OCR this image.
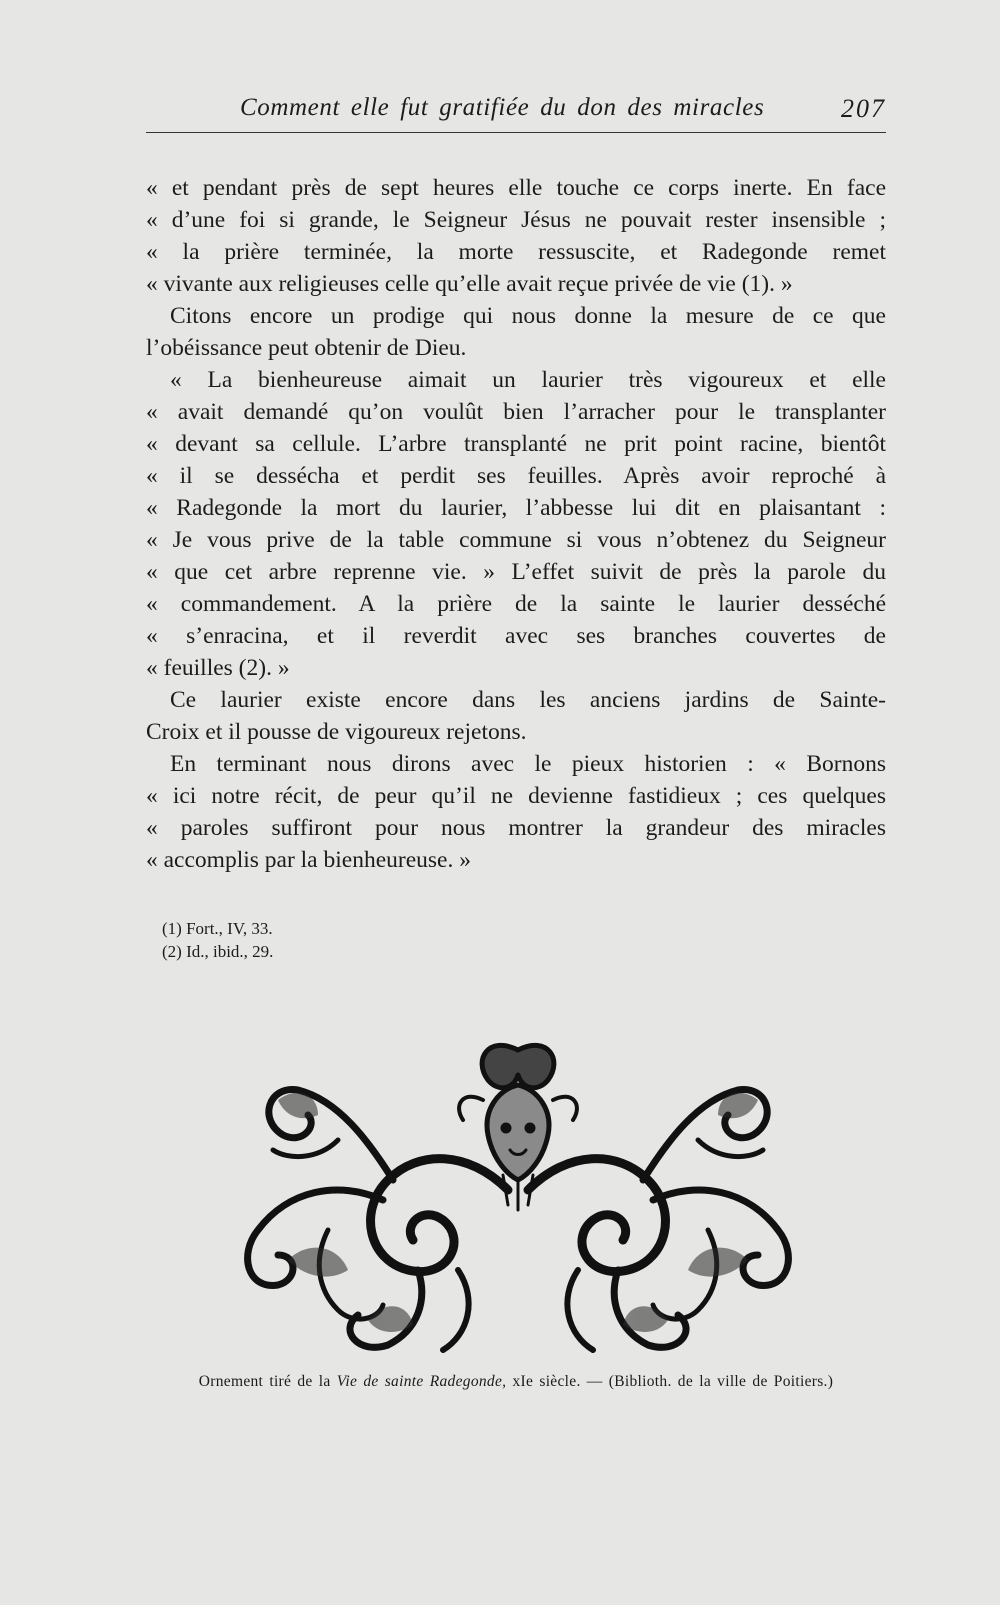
Comment elle fut gratifiée du don des miracles	207
« et pendant près de sept heures elle touche ce corps inerte. En face
« d’une foi si grande, le Seigneur Jésus ne pouvait rester insensible ;
« la prière terminée, la morte ressuscite, et Radegonde remet
« vivante aux religieuses celle qu’elle avait reçue privée de vie (1). »
Citons encore un prodige qui nous donne la mesure de ce que
l’obéissance peut obtenir de Dieu.
« La bienheureuse aimait un laurier très vigoureux et elle
« avait demandé qu’on voulût bien l’arracher pour le transplanter
« devant sa cellule. L’arbre transplanté ne prit point racine, bientôt
« il se dessécha et perdit ses feuilles. Après avoir reproché à
« Radegonde la mort du laurier, l’abbesse lui dit en plaisantant :
« Je vous prive de la table commune si vous n’obtenez du Seigneur
« que cet arbre reprenne vie. » L’effet suivit de près la parole du
« commandement. A la prière de la sainte le laurier desséché
« s’enracina, et il reverdit avec ses branches couvertes de
« feuilles (2). »
Ce laurier existe encore dans les anciens jardins de Sainte-
Croix et il pousse de vigoureux rejetons.
En terminant nous dirons avec le pieux historien : « Bornons
« ici notre récit, de peur qu’il ne devienne fastidieux ; ces quelques
« paroles suffiront pour nous montrer la grandeur des miracles
« accomplis par la bienheureuse. »
(1) Fort., IV, 33.
(2) Id., ibid., 29.
Ornement tiré de la Vie de sainte Radegonde, xIe siècle. — (Biblioth. de la ville de Poitiers.)
